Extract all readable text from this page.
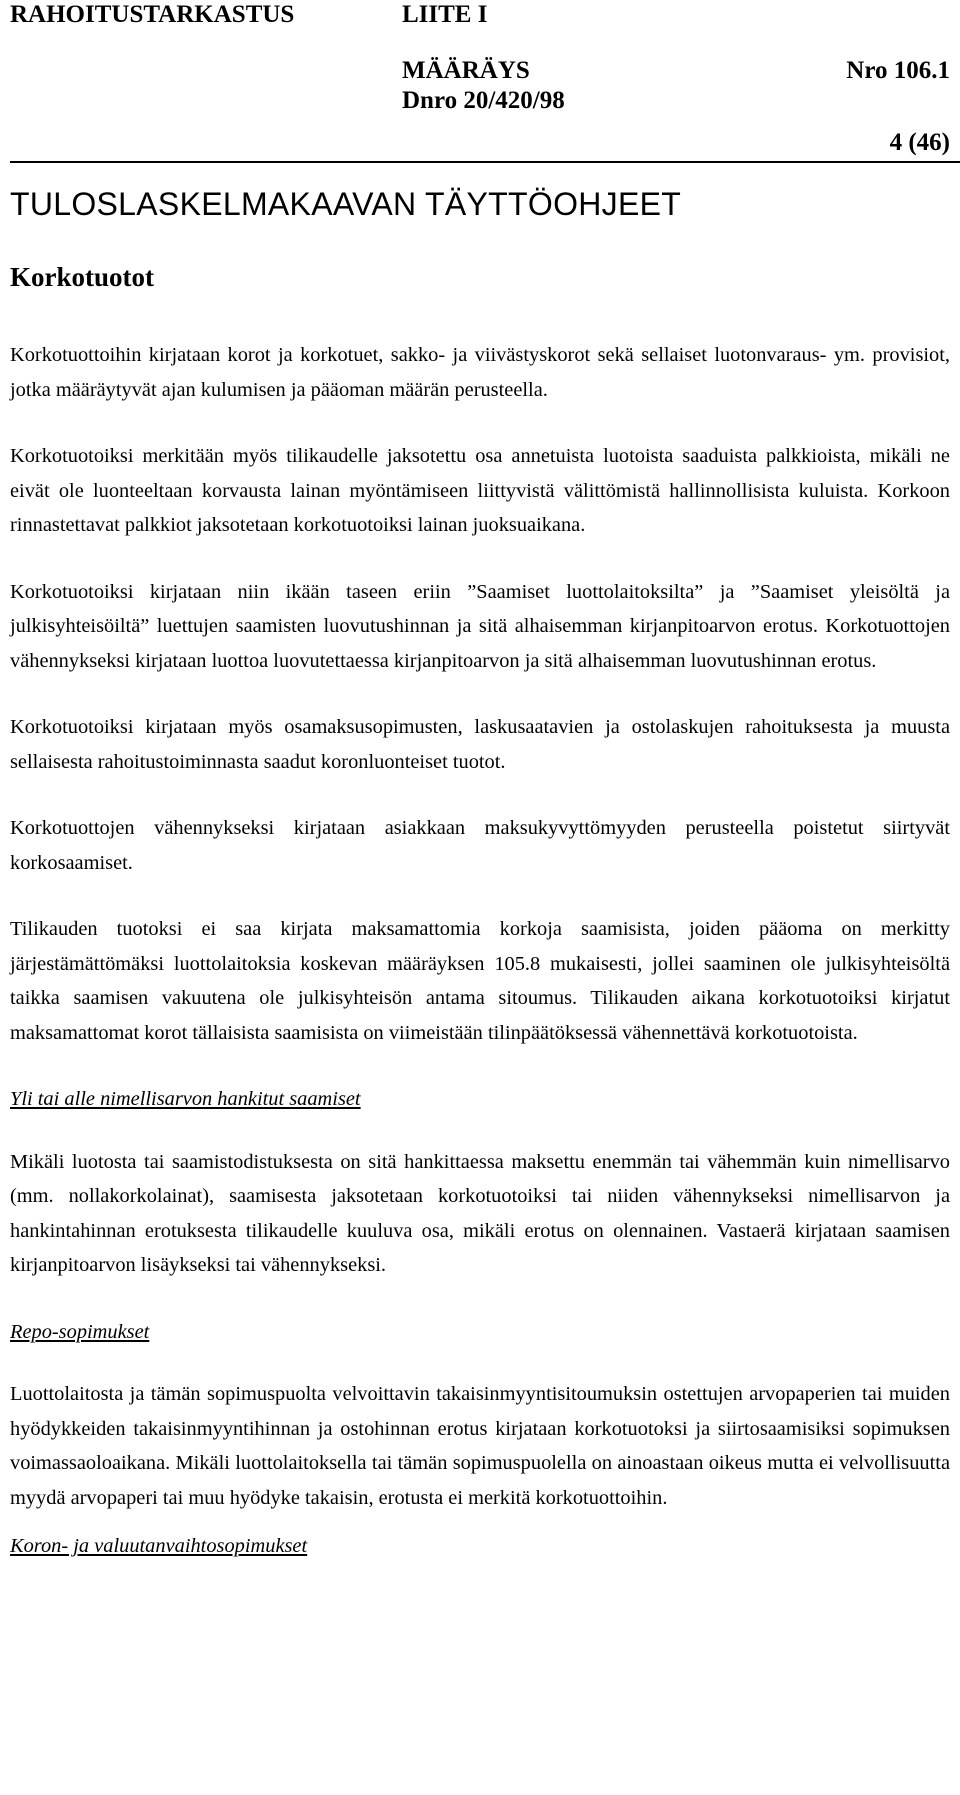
RAHOITUSTARKASTUS	LIITE I
MÄÄRÄYS	Nro 106.1
Dnro 20/420/98
4 (46)
TULOSLASKELMAKAAVAN TÄYTTÖOHJEET
Korkotuotot

Korkotuottoihin kirjataan korot ja korkotuet, sakko- ja viivästyskorot sekä sellaiset luotonvaraus- ym. provisiot, jotka määräytyvät ajan kulumisen ja pääoman määrän perusteella.

Korkotuotoiksi merkitään myös tilikaudelle jaksotettu osa annetuista luotoista saaduista palkkioista, mikäli ne eivät ole luonteeltaan korvausta lainan myöntämiseen liittyvistä välittömistä hallinnollisista kuluista. Korkoon rinnastettavat palkkiot jaksotetaan korkotuotoiksi lainan juoksuaikana.

Korkotuotoiksi kirjataan niin ikään taseen eriin ”Saamiset luottolaitoksilta” ja ”Saamiset yleisöltä ja julkisyhteisöiltä” luettujen saamisten luovutushinnan ja sitä alhaisemman kirjanpitoarvon erotus. Korkotuottojen vähennykseksi kirjataan luottoa luovutettaessa kirjanpitoarvon ja sitä alhaisemman luovutushinnan erotus.

Korkotuotoiksi kirjataan myös osamaksusopimusten, laskusaatavien ja ostolaskujen rahoituksesta ja muusta sellaisesta rahoitustoiminnasta saadut koronluonteiset tuotot.

Korkotuottojen vähennykseksi kirjataan asiakkaan maksukyvyttömyyden perusteella poistetut siirtyvät korkosaamiset.

Tilikauden tuotoksi ei saa kirjata maksamattomia korkoja saamisista, joiden pääoma on merkitty järjestämättömäksi luottolaitoksia koskevan määräyksen 105.8 mukaisesti, jollei saaminen ole julkisyhteisöltä taikka saamisen vakuutena ole julkisyhteisön antama sitoumus. Tilikauden aikana korkotuotoiksi kirjatut maksamattomat korot tällaisista saamisista on viimeistään tilinpäätöksessä vähennettävä korkotuotoista.

Yli tai alle nimellisarvon hankitut saamiset

Mikäli luotosta tai saamistodistuksesta on sitä hankittaessa maksettu enemmän tai vähemmän kuin nimellisarvo (mm. nollakorkolainat), saamisesta jaksotetaan korkotuotoiksi tai niiden vähennykseksi nimellisarvon ja hankintahinnan erotuksesta tilikaudelle kuuluva osa, mikäli erotus on olennainen. Vastaerä kirjataan saamisen kirjanpitoarvon lisäykseksi tai vähennykseksi.

Repo-sopimukset

Luottolaitosta ja tämän sopimuspuolta velvoittavin takaisinmyyntisitoumuksin ostettujen arvopaperien tai muiden hyödykkeiden takaisinmyyntihinnan ja ostohinnan erotus kirjataan korkotuotoksi ja siirtosaamisiksi sopimuksen voimassaoloaikana. Mikäli luottolaitoksella tai tämän sopimuspuolella on ainoastaan oikeus mutta ei velvollisuutta myydä arvopaperi tai muu hyödyke takaisin, erotusta ei merkitä korkotuottoihin.

Koron- ja valuutanvaihtosopimukset
